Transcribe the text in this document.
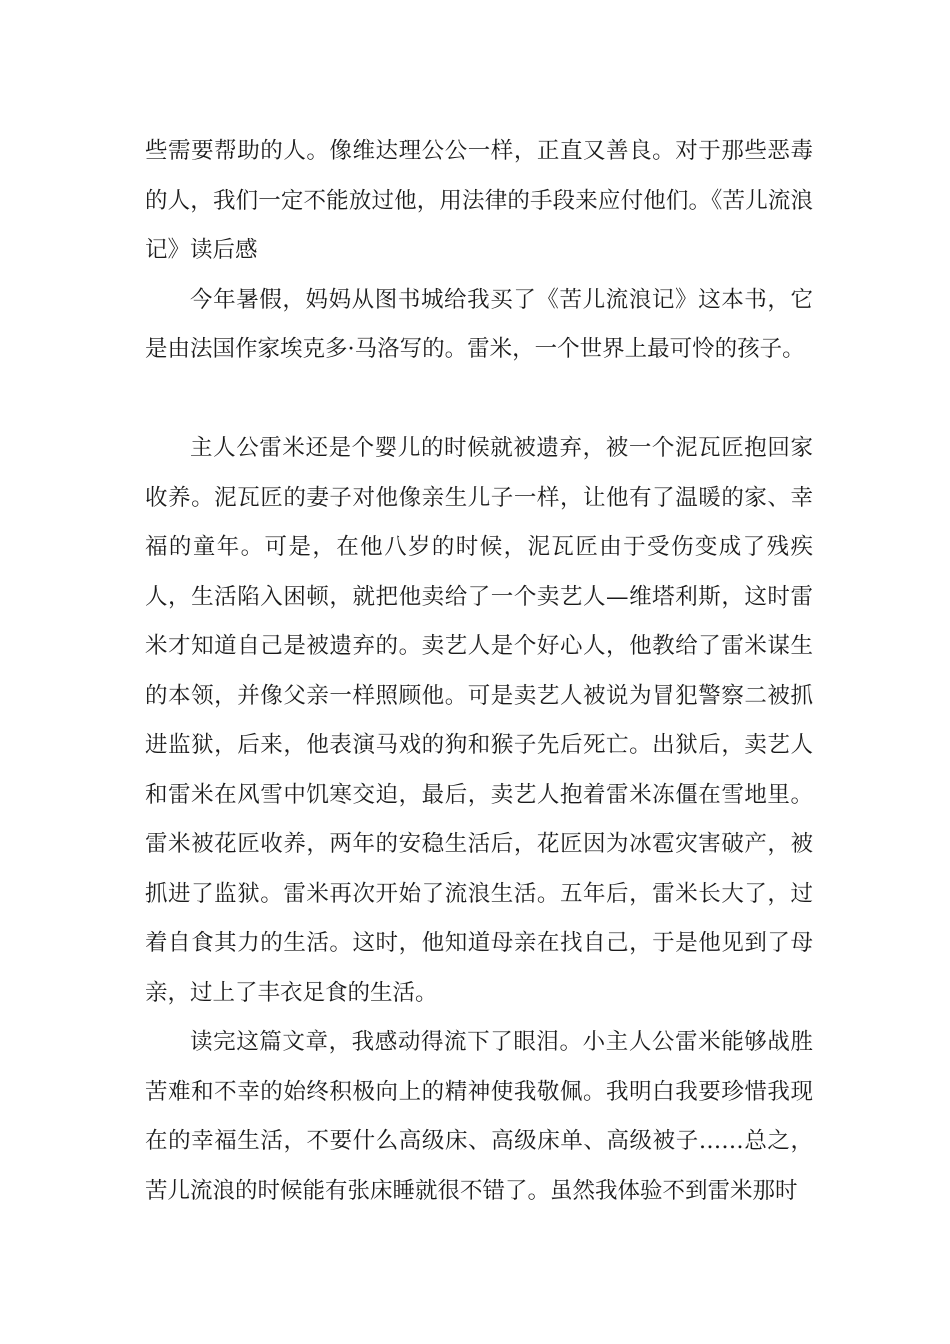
些需要帮助的人。像维达理公公一样，正直又善良。对于那些恶毒的人，我们一定不能放过他，用法律的手段来应付他们。《苦儿流浪记》读后感

今年暑假，妈妈从图书城给我买了《苦儿流浪记》这本书，它是由法国作家埃克多·马洛写的。雷米，一个世界上最可怜的孩子。

主人公雷米还是个婴儿的时候就被遗弃，被一个泥瓦匠抱回家收养。泥瓦匠的妻子对他像亲生儿子一样，让他有了温暖的家、幸福的童年。可是，在他八岁的时候，泥瓦匠由于受伤变成了残疾人，生活陷入困顿，就把他卖给了一个卖艺人—维塔利斯，这时雷米才知道自己是被遗弃的。卖艺人是个好心人，他教给了雷米谋生的本领，并像父亲一样照顾他。可是卖艺人被说为冒犯警察二被抓进监狱，后来，他表演马戏的狗和猴子先后死亡。出狱后，卖艺人和雷米在风雪中饥寒交迫，最后，卖艺人抱着雷米冻僵在雪地里。雷米被花匠收养，两年的安稳生活后，花匠因为冰雹灾害破产，被抓进了监狱。雷米再次开始了流浪生活。五年后，雷米长大了，过着自食其力的生活。这时，他知道母亲在找自己，于是他见到了母亲，过上了丰衣足食的生活。

读完这篇文章，我感动得流下了眼泪。小主人公雷米能够战胜苦难和不幸的始终积极向上的精神使我敬佩。我明白我要珍惜我现在的幸福生活，不要什么高级床、高级床单、高级被子……总之，苦儿流浪的时候能有张床睡就很不错了。虽然我体验不到雷米那时
